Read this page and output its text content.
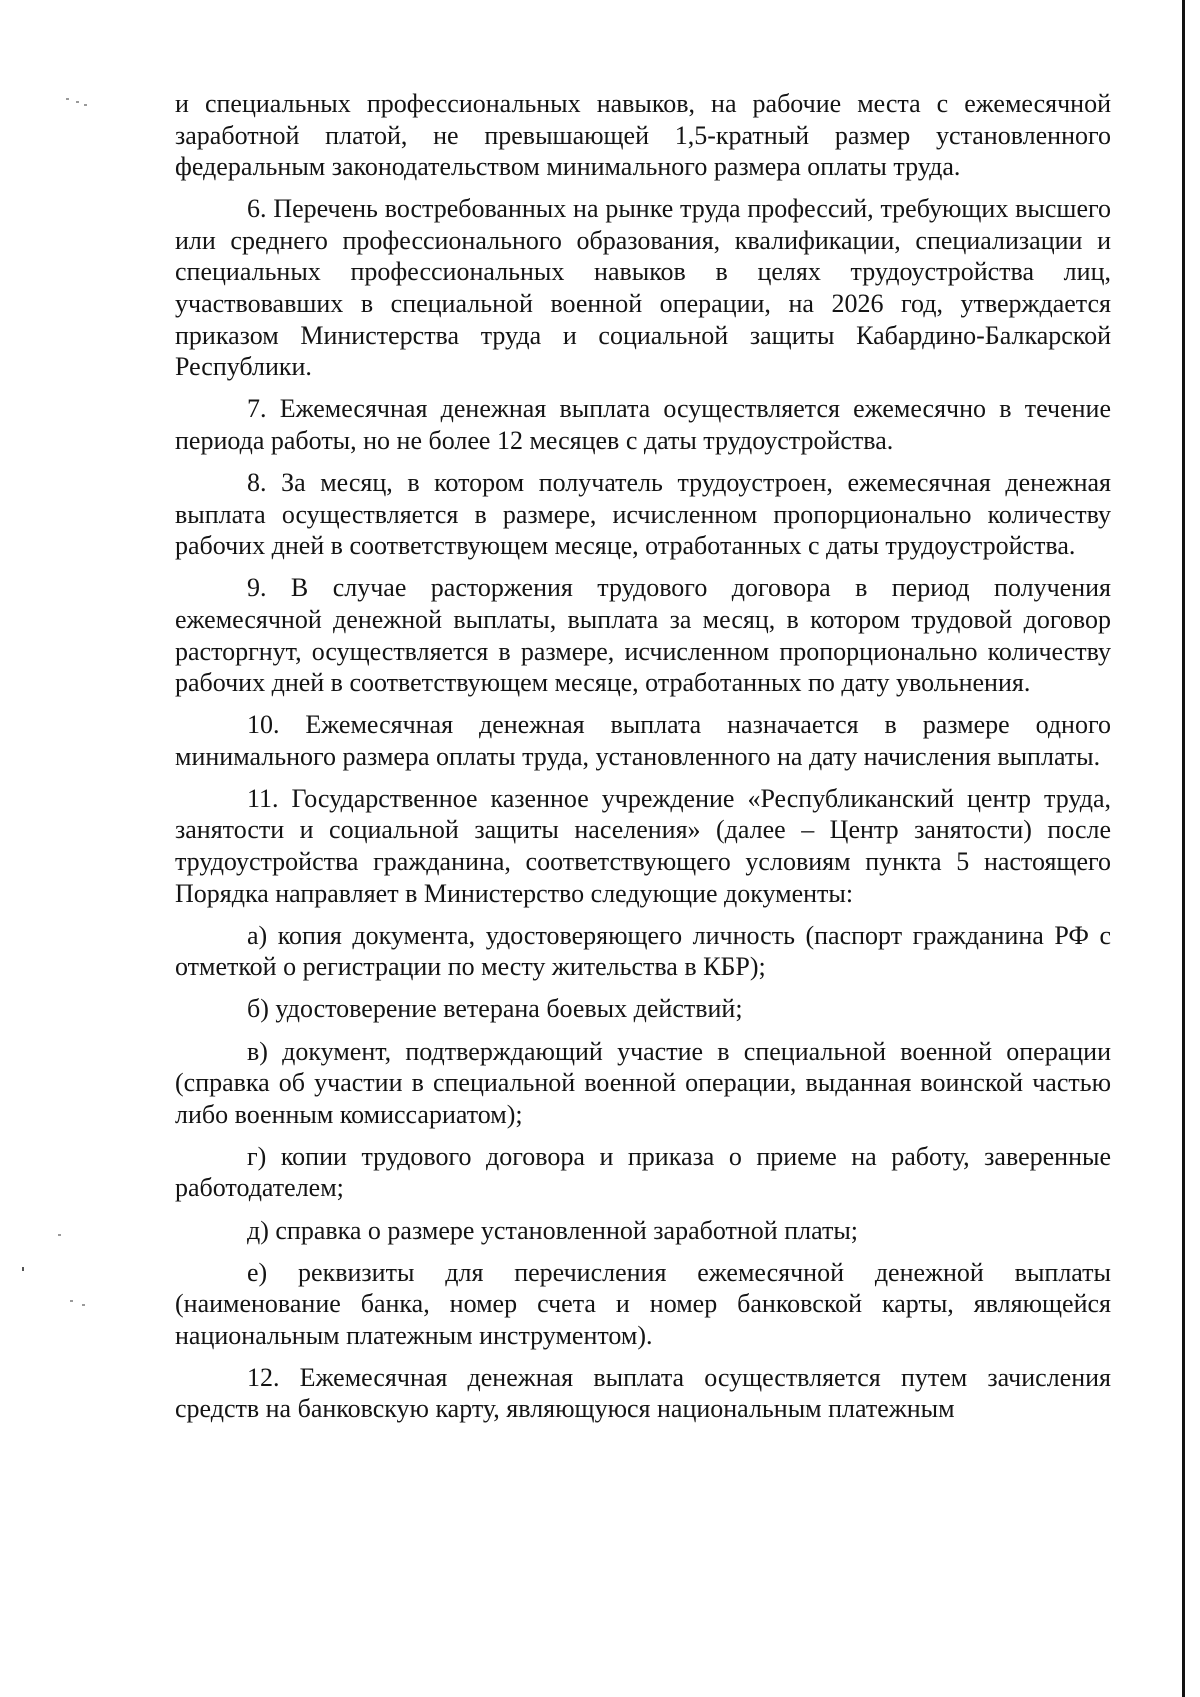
и специальных профессиональных навыков, на рабочие места с ежемесячной заработной платой, не превышающей 1,5-кратный размер установленного федеральным законодательством минимального размера оплаты труда.

6. Перечень востребованных на рынке труда профессий, требующих высшего или среднего профессионального образования, квалификации, специализации и специальных профессиональных навыков в целях трудоустройства лиц, участвовавших в специальной военной операции, на 2026 год, утверждается приказом Министерства труда и социальной защиты Кабардино-Балкарской Республики.

7. Ежемесячная денежная выплата осуществляется ежемесячно в течение периода работы, но не более 12 месяцев с даты трудоустройства.

8. За месяц, в котором получатель трудоустроен, ежемесячная денежная выплата осуществляется в размере, исчисленном пропорционально количеству рабочих дней в соответствующем месяце, отработанных с даты трудоустройства.

9. В случае расторжения трудового договора в период получения ежемесячной денежной выплаты, выплата за месяц, в котором трудовой договор расторгнут, осуществляется в размере, исчисленном пропорционально количеству рабочих дней в соответствующем месяце, отработанных по дату увольнения.

10. Ежемесячная денежная выплата назначается в размере одного минимального размера оплаты труда, установленного на дату начисления выплаты.

11. Государственное казенное учреждение «Республиканский центр труда, занятости и социальной защиты населения» (далее – Центр занятости) после трудоустройства гражданина, соответствующего условиям пункта 5 настоящего Порядка направляет в Министерство следующие документы:

а) копия документа, удостоверяющего личность (паспорт гражданина РФ с отметкой о регистрации по месту жительства в КБР);

б) удостоверение ветерана боевых действий;

в) документ, подтверждающий участие в специальной военной операции (справка об участии в специальной военной операции, выданная воинской частью либо военным комиссариатом);

г) копии трудового договора и приказа о приеме на работу, заверенные работодателем;

д) справка о размере установленной заработной платы;

е) реквизиты для перечисления ежемесячной денежной выплаты (наименование банка, номер счета и номер банковской карты, являющейся национальным платежным инструментом).

12. Ежемесячная денежная выплата осуществляется путем зачисления средств на банковскую карту, являющуюся национальным платежным
